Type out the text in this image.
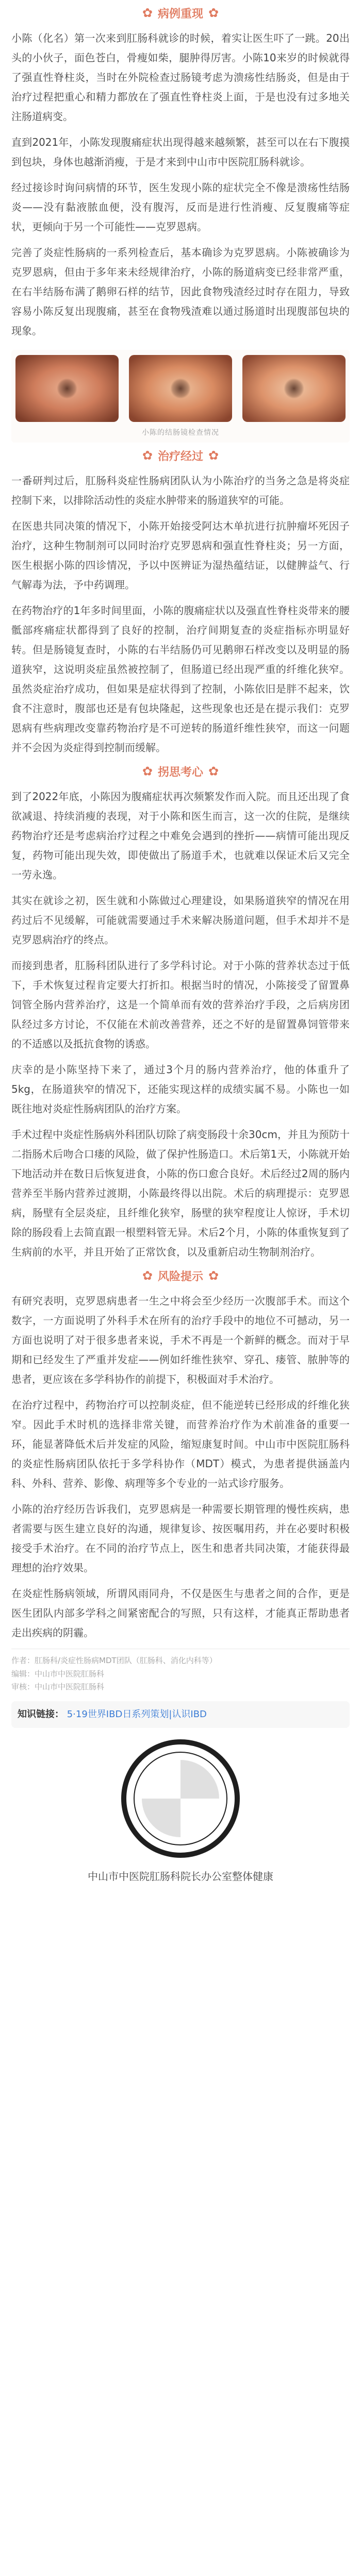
✿ 病例重现 ✿

小陈（化名）第一次来到肛肠科就诊的时候，着实让医生吓了一跳。20出头的小伙子，面色苍白，骨瘦如柴，腿肿得厉害。小陈10来岁的时候就得了强直性脊柱炎，当时在外院检查过肠镜考虑为溃疡性结肠炎，但是由于治疗过程把重心和精力都放在了强直性脊柱炎上面，于是也没有过多地关注肠道病变。

直到2021年，小陈发现腹痛症状出现得越来越频繁，甚至可以在右下腹摸到包块，身体也越渐消瘦，于是才来到中山市中医院肛肠科就诊。

经过接诊时询问病情的环节，医生发现小陈的症状完全不像是溃疡性结肠炎——没有黏液脓血便，没有腹泻，反而是进行性消瘦、反复腹痛等症状，更倾向于另一个可能性——克罗恩病。

完善了炎症性肠病的一系列检查后，基本确诊为克罗恩病。小陈被确诊为克罗恩病，但由于多年来未经规律治疗，小陈的肠道病变已经非常严重，在右半结肠布满了鹅卵石样的结节，因此食物残渣经过时存在阻力，导致容易小陈反复出现腹痛，甚至在食物残渣难以通过肠道时出现腹部包块的现象。

小陈的结肠镜检查情况
✿ 治疗经过 ✿

一番研判过后，肛肠科炎症性肠病团队认为小陈治疗的当务之急是将炎症控制下来，以排除活动性的炎症水肿带来的肠道狭窄的可能。

在医患共同决策的情况下，小陈开始接受阿达木单抗进行抗肿瘤坏死因子治疗，这种生物制剂可以同时治疗克罗恩病和强直性脊柱炎；另一方面，医生根据小陈的四诊情况，予以中医辨证为湿热蕴结证，以健脾益气、行气解毒为法，予中药调理。

在药物治疗的1年多时间里面，小陈的腹痛症状以及强直性脊柱炎带来的腰骶部疼痛症状都得到了良好的控制，治疗间期复查的炎症指标亦明显好转。但是肠镜复查时，小陈的右半结肠仍可见鹅卵石样改变以及明显的肠道狭窄，这说明炎症虽然被控制了，但肠道已经出现严重的纤维化狭窄。虽然炎症治疗成功，但如果是症状得到了控制，小陈依旧是胖不起来，饮食不注意时，腹部也还是有包块隆起，这些现象也还是在提示我们：克罗恩病有些病理改变靠药物治疗是不可逆转的肠道纤维性狭窄，而这一问题并不会因为炎症得到控制而缓解。

✿ 拐思考心 ✿

到了2022年底，小陈因为腹痛症状再次频繁发作而入院。而且还出现了食欲减退、持续消瘦的表现，对于小陈和医生而言，这一次的住院，是继续药物治疗还是考虑病治疗过程之中难免会遇到的挫折——病情可能出现反复，药物可能出现失效，即使做出了肠道手术，也就难以保证术后又完全一劳永逸。

其实在就诊之初，医生就和小陈做过心理建设，如果肠道狭窄的情况在用药过后不见缓解，可能就需要通过手术来解决肠道问题，但手术却并不是克罗恩病治疗的终点。

而接到患者，肛肠科团队进行了多学科讨论。对于小陈的营养状态过于低下，手术恢复过程肯定要大打折扣。根据当时的情况，小陈接受了留置鼻饲管全肠内营养治疗，这是一个简单而有效的营养治疗手段，之后病房团队经过多方讨论，不仅能在术前改善营养，还之不好的是留置鼻饲管带来的不适感以及抵抗食物的诱惑。

庆幸的是小陈坚持下来了，通过3个月的肠内营养治疗，他的体重升了5kg，在肠道狭窄的情况下，还能实现这样的成绩实属不易。小陈也一如既往地对炎症性肠病团队的治疗方案。

手术过程中炎症性肠病外科团队切除了病变肠段十余30cm，并且为预防十二指肠术后吻合口瘘的风险，做了保护性肠造口。术后第1天，小陈就开始下地活动并在数日后恢复进食，小陈的伤口愈合良好。术后经过2周的肠内营养至半肠内营养过渡期，小陈最终得以出院。术后的病理提示：克罗恩病，肠壁有全层炎症，且纤维化狭窄，肠壁的狭窄程度让人惊讶，手术切除的肠段看上去简直跟一根塑料管无异。术后2个月，小陈的体重恢复到了生病前的水平，并且开始了正常饮食，以及重新启动生物制剂治疗。

✿ 风险提示 ✿

有研究表明，克罗恩病患者一生之中将会至少经历一次腹部手术。而这个数字，一方面说明了外科手术在所有的治疗手段中的地位不可撼动，另一方面也说明了对于很多患者来说，手术不再是一个新鲜的概念。而对于早期和已经发生了严重并发症——例如纤维性狭窄、穿孔、瘘管、脓肿等的患者，更应该在多学科协作的前提下，积极面对手术治疗。

在治疗过程中，药物治疗可以控制炎症，但不能逆转已经形成的纤维化狭窄。因此手术时机的选择非常关键，而营养治疗作为术前准备的重要一环，能显著降低术后并发症的风险，缩短康复时间。中山市中医院肛肠科的炎症性肠病团队依托于多学科协作（MDT）模式，为患者提供涵盖内科、外科、营养、影像、病理等多个专业的一站式诊疗服务。

小陈的治疗经历告诉我们，克罗恩病是一种需要长期管理的慢性疾病，患者需要与医生建立良好的沟通，规律复诊、按医嘱用药，并在必要时积极接受手术治疗。在不同的治疗节点上，医生和患者共同决策，才能获得最理想的治疗效果。

在炎症性肠病领域，所谓风雨同舟，不仅是医生与患者之间的合作，更是医生团队内部多学科之间紧密配合的写照，只有这样，才能真正帮助患者走出疾病的阴霾。

作者：肛肠科/炎症性肠病MDT团队（肛肠科、消化内科等）

编辑：中山市中医院肛肠科

审核：中山市中医院肛肠科

知识链接： 5·19世界IBD日系列策划|认识IBD
中山市中医院肛肠科院长办公室整体健康
